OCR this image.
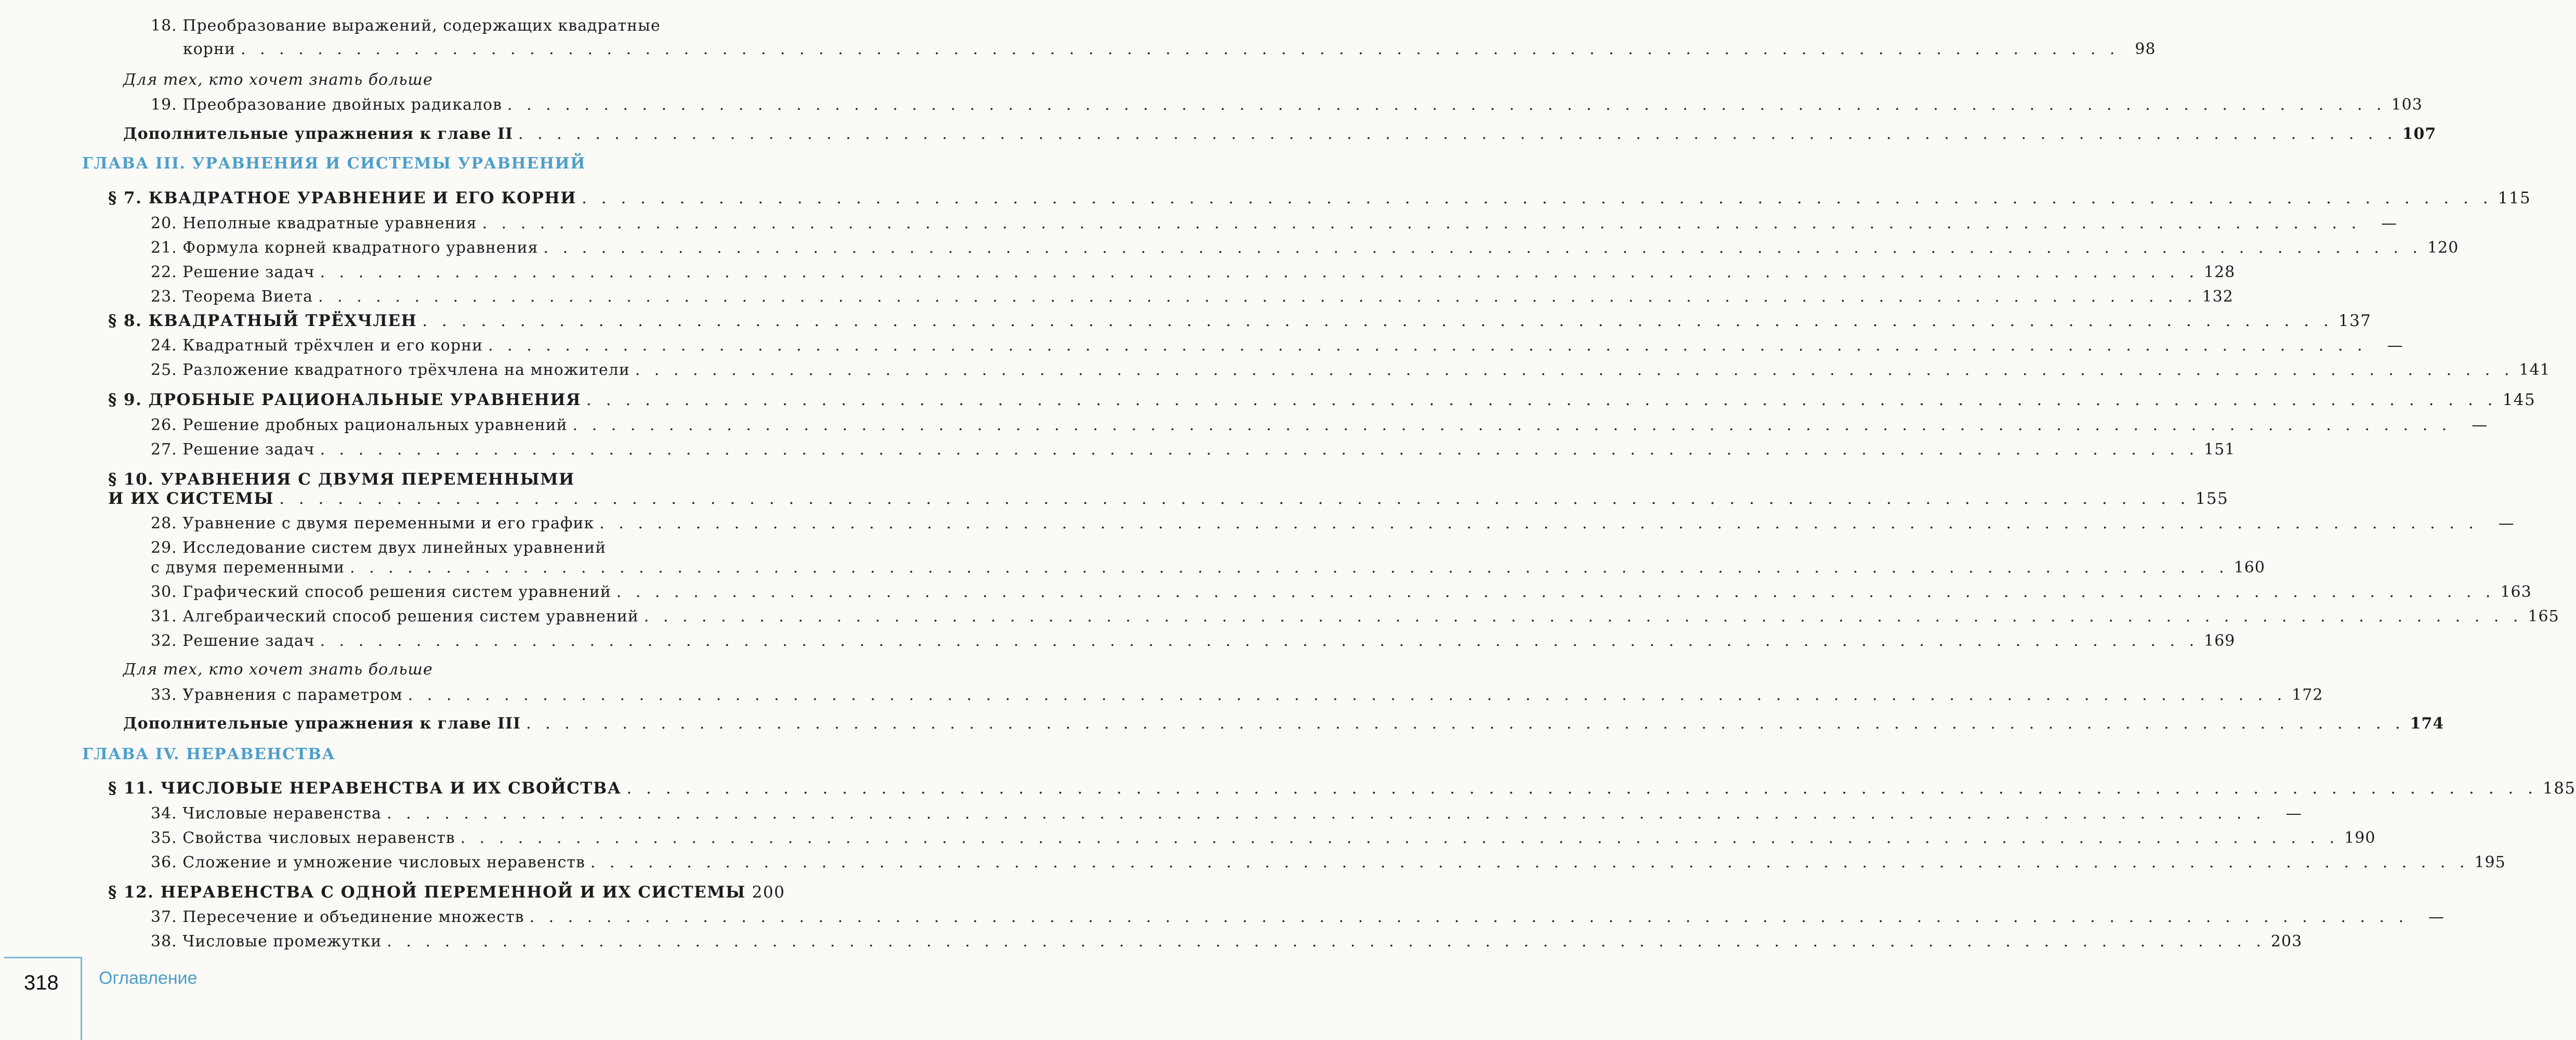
18. Преобразование выражений, содержащих квадратные
корни . . .	98
Для тех, кто хочет знать больше
19. Преобразование двойных радикалов . . .	103
Дополнительные упражнения к главе II . . .	107
ГЛАВА III. УРАВНЕНИЯ И СИСТЕМЫ УРАВНЕНИЙ
§ 7. КВАДРАТНОЕ УРАВНЕНИЕ И ЕГО КОРНИ . . .	115
20. Неполные квадратные уравнения . . .	—
21. Формула корней квадратного уравнения . . .	120
22. Решение задач . . .	128
23. Теорема Виета . . .	132
§ 8. КВАДРАТНЫЙ ТРЁХЧЛЕН . . .	137
24. Квадратный трёхчлен и его корни . . .	—
25. Разложение квадратного трёхчлена на множители . . .	141
§ 9. ДРОБНЫЕ РАЦИОНАЛЬНЫЕ УРАВНЕНИЯ . . .	145
26. Решение дробных рациональных уравнений . . .	—
27. Решение задач . . .	151
§ 10. УРАВНЕНИЯ С ДВУМЯ ПЕРЕМЕННЫМИ
И ИХ СИСТЕМЫ . . .	155
28. Уравнение с двумя переменными и его график . . .	—
29. Исследование систем двух линейных уравнений
с двумя переменными . . .	160
30. Графический способ решения систем уравнений . . .	163
31. Алгебраический способ решения систем уравнений . . .	165
32. Решение задач . . .	169
Для тех, кто хочет знать больше
33. Уравнения с параметром . . .	172
Дополнительные упражнения к главе III . . .	174
ГЛАВА IV. НЕРАВЕНСТВА
§ 11. ЧИСЛОВЫЕ НЕРАВЕНСТВА И ИХ СВОЙСТВА . . .	185
34. Числовые неравенства . . .	—
35. Свойства числовых неравенств . . .	190
36. Сложение и умножение числовых неравенств . . .	195
§ 12. НЕРАВЕНСТВА С ОДНОЙ ПЕРЕМЕННОЙ И ИХ СИСТЕМЫ 200
37. Пересечение и объединение множеств . . .	—
38. Числовые промежутки . . .	203
318 Оглавление
